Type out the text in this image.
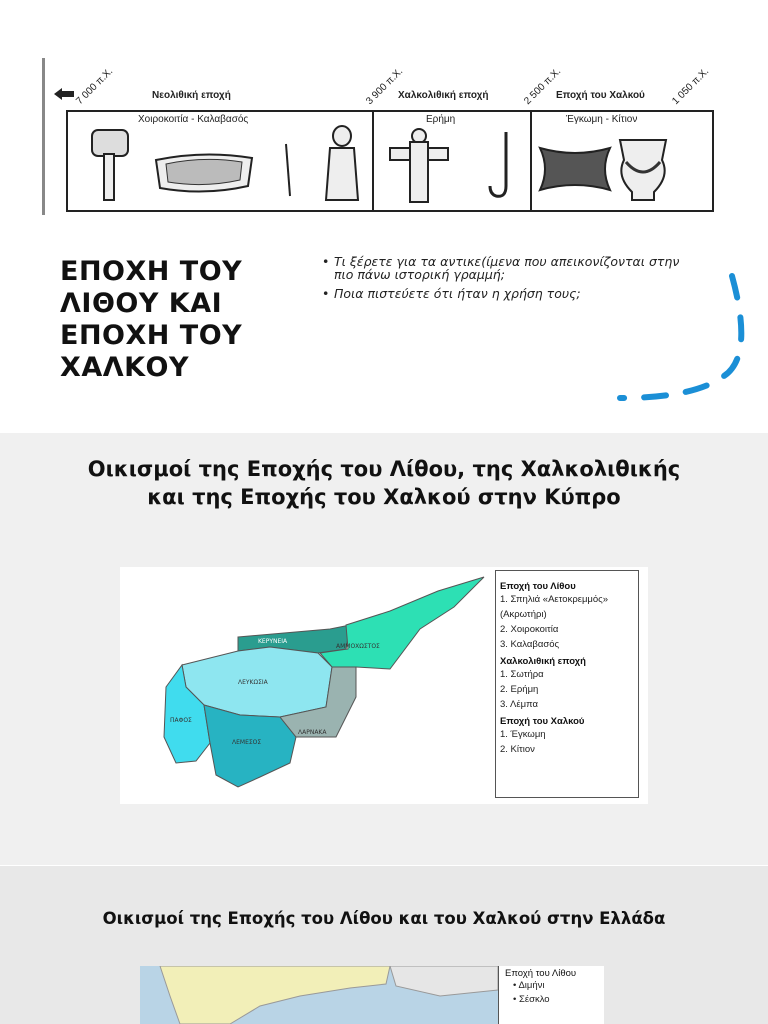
7 000 π.Χ.	Νεολιθική εποχή	3 900 π.Χ.
Χαλκολιθική εποχή	2 500 π.Χ.
Εποχή του Χαλκού	1 050 π.Χ.
Χοιροκοιτία - Καλαβασός	Ερήμη	Έγκωμη - Κίτιον
ΕΠΟΧΗ ΤΟΥ ΛΙΘΟΥ ΚΑΙ ΕΠΟΧΗ ΤΟΥ ΧΑΛΚΟΥ
• Τι ξέρετε για τα αντικε(ίμενα που απεικονίζονται στην πιο πάνω ιστορική γραμμή;
• Ποια πιστεύετε ότι ήταν η χρήση τους;
Οικισμοί της Εποχής του Λίθου, της Χαλκολιθικής και της Εποχής του Χαλκού στην Κύπρο
ΚΕΡΥΝΕΙΑ
ΑΜΜΟΧΩΣΤΟΣ
ΛΕΥΚΩΣΙΑ
ΠΑΦΟΣ
ΛΕΜΕΣΟΣ
ΛΑΡΝΑΚΑ
Εποχή του Λίθου
1. Σπηλιά «Αετοκρεμμός» (Ακρωτήρι)
2. Χοιροκοιτία
3. Καλαβασός
Χαλκολιθική εποχή
1. Σωτήρα
2. Ερήμη
3. Λέμπα
Εποχή του Χαλκού
1. Έγκωμη
2. Κίτιον
Οικισμοί της Εποχής του Λίθου και του Χαλκού στην Ελλάδα
Εποχή του Λίθου
• Διμήνι
• Σέσκλο
